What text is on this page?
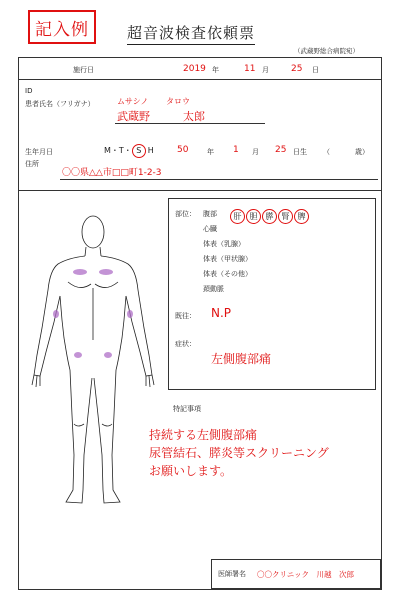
記入例	超音波検査依頼票
（武蔵野総合病院宛）
施行日	2019 年	11 月 25 日
ID
患者氏名（フリガナ）	ムサシノ タロウ
武蔵野	太郎
生年月日	M・T・ S H	50	年 1 月 25 日生 （	歳）
住所
〇〇県△△市□□町1-2-3
部位： 腹部	肝 胆 膵 腎 脾
心臓
体表（乳腺）
体表（甲状腺）
体表（その他）
頚動脈
既往： N.P
症状：
左側腹部痛
特記事項
持続する左側腹部痛
尿管結石、膵炎等スクリーニング
お願いします。
医師署名 〇〇クリニック　川越　次郎
